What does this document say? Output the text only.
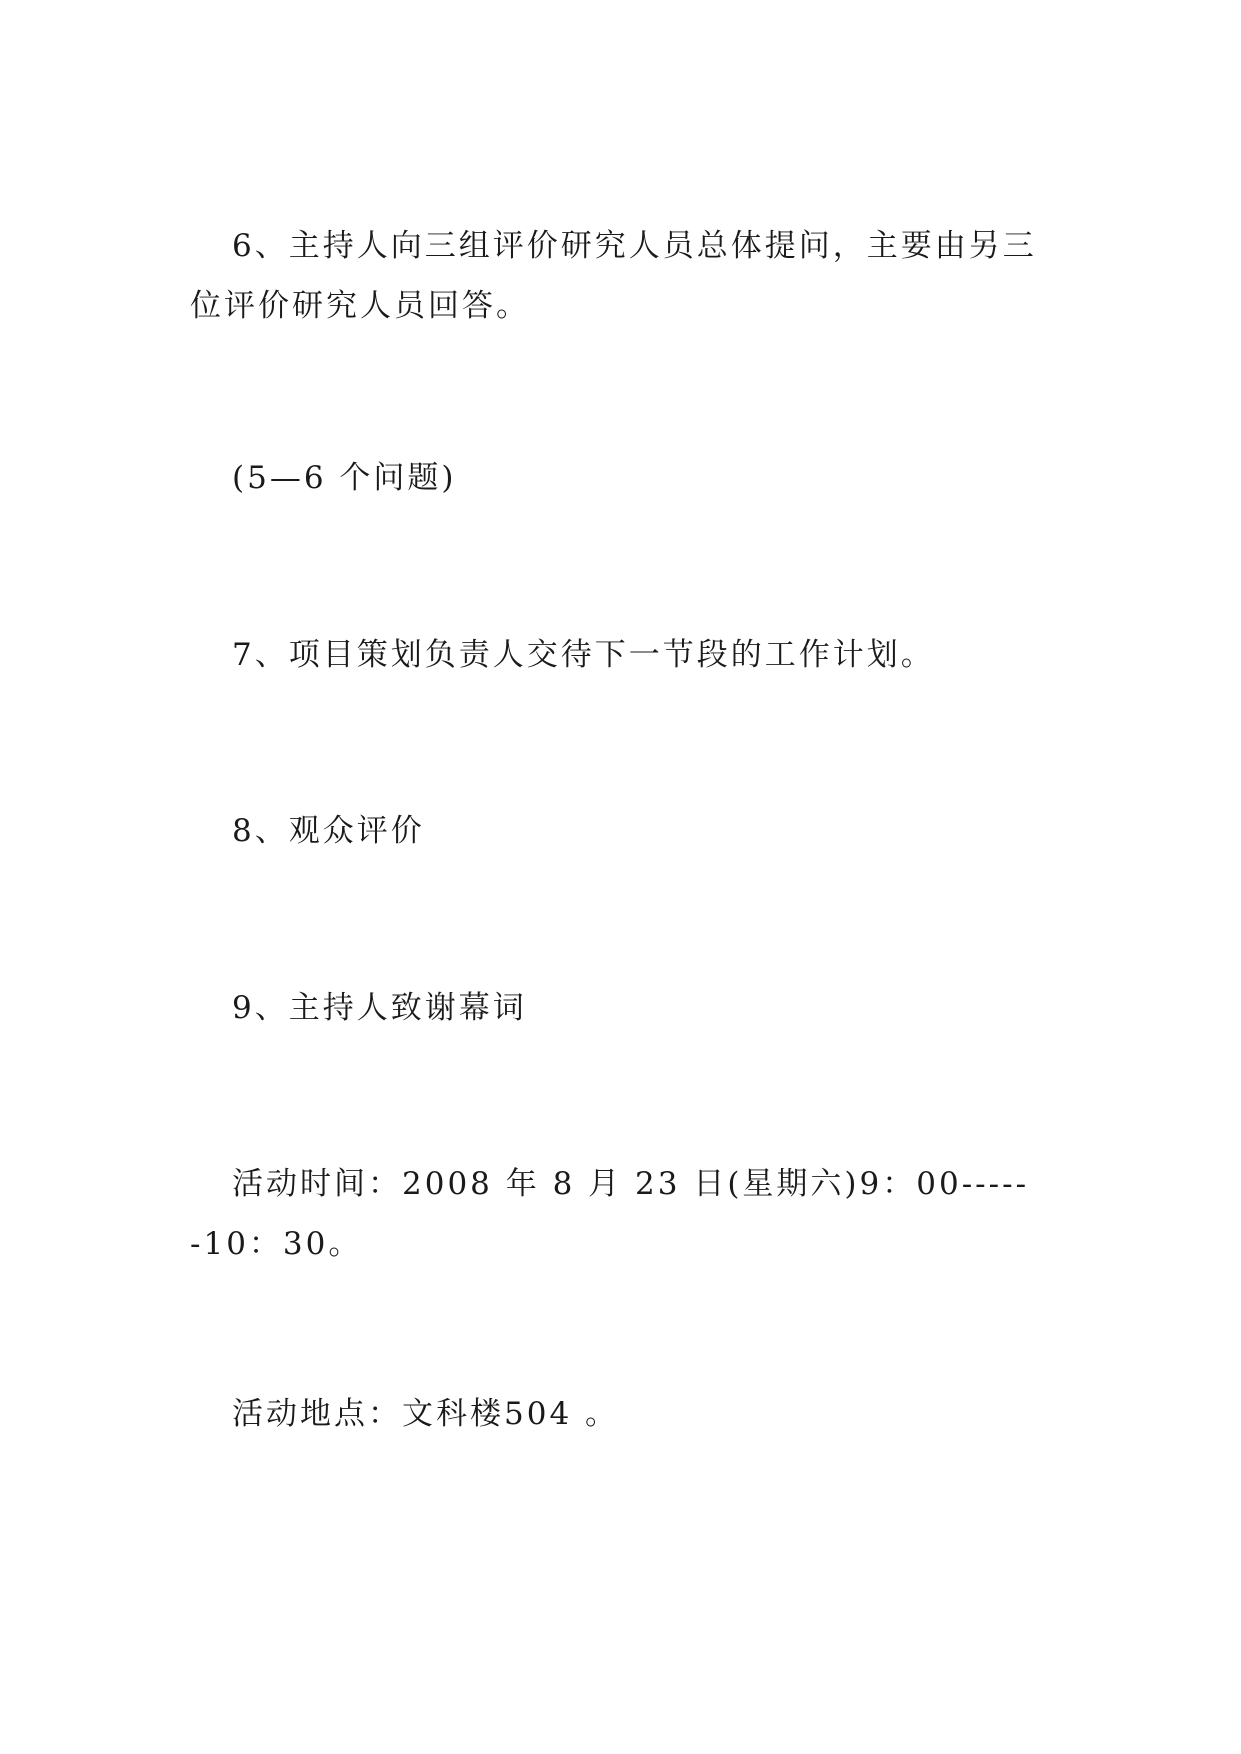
6、主持人向三组评价研究人员总体提问，主要由另三位评价研究人员回答。

(5—6 个问题)

7、项目策划负责人交待下一节段的工作计划。

8、观众评价

9、主持人致谢幕词

活动时间：2008 年 8 月 23 日(星期六)9：00------10：30。

活动地点：文科楼504 。
